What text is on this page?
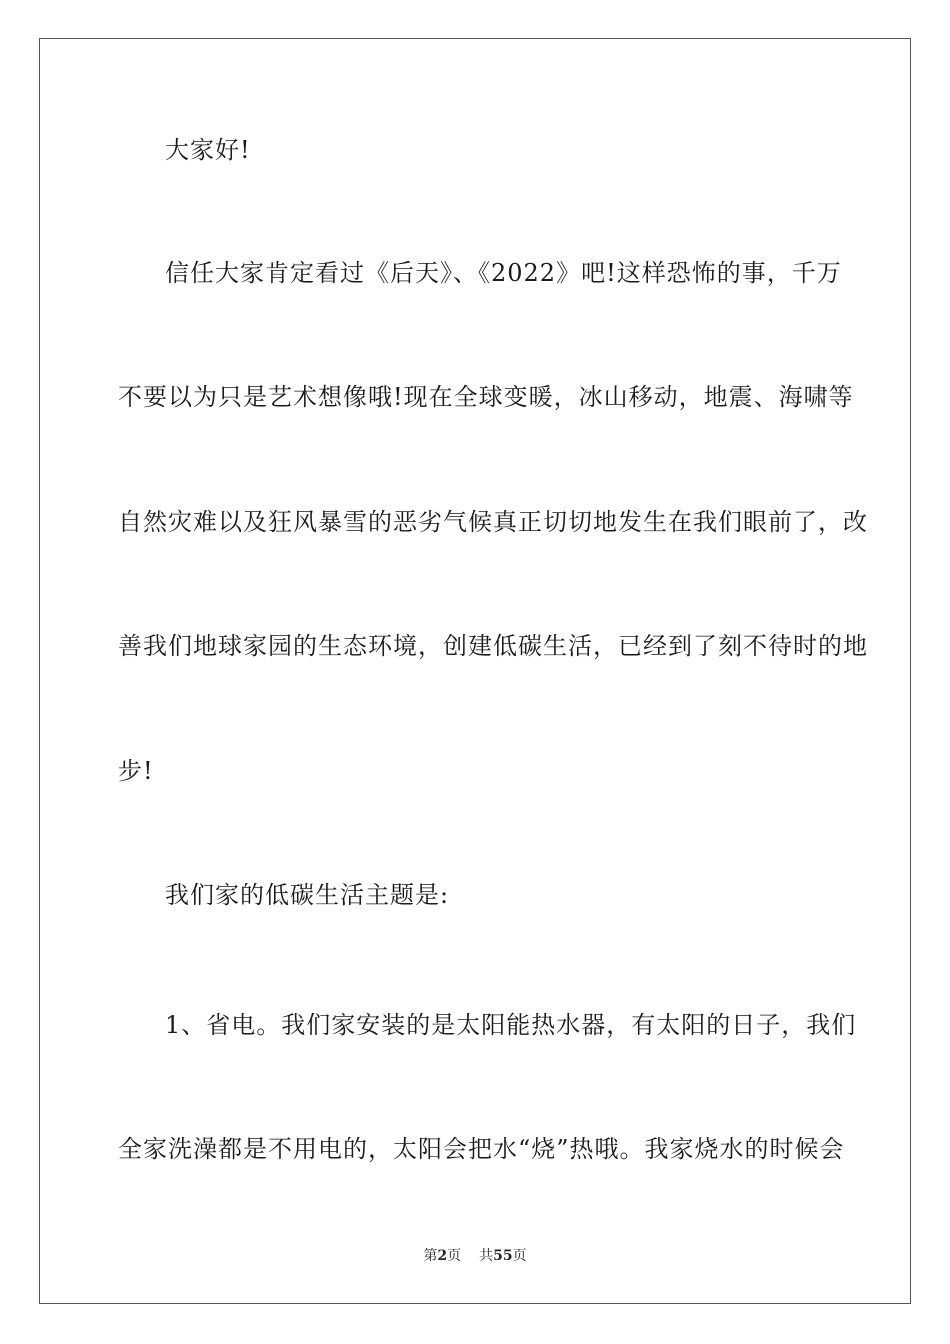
大家好!
信任大家肯定看过《后天》、《2022》吧!这样恐怖的事，千万
不要以为只是艺术想像哦!现在全球变暖，冰山移动，地震、海啸等
自然灾难以及狂风暴雪的恶劣气候真正切切地发生在我们眼前了，改
善我们地球家园的生态环境，创建低碳生活，已经到了刻不待时的地
步!
我们家的低碳生活主题是:
1、省电。我们家安装的是太阳能热水器，有太阳的日子，我们
全家洗澡都是不用电的，太阳会把水“烧”热哦。我家烧水的时候会
第2页 共55页
